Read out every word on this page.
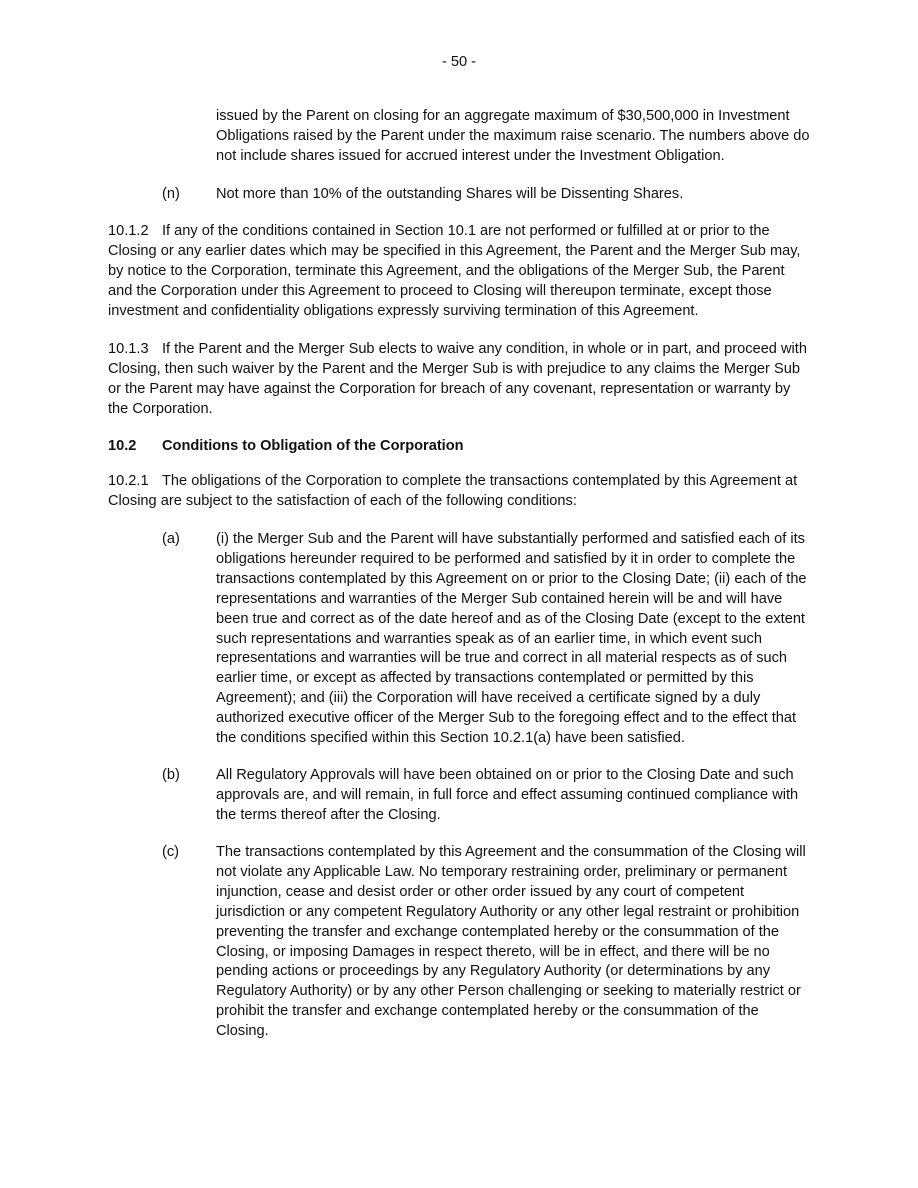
- 50 -

issued by the Parent on closing for an aggregate maximum of $30,500,000 in Investment Obligations raised by the Parent under the maximum raise scenario. The numbers above do not include shares issued for accrued interest under the Investment Obligation.

(n) Not more than 10% of the outstanding Shares will be Dissenting Shares.

10.1.2 If any of the conditions contained in Section 10.1 are not performed or fulfilled at or prior to the Closing or any earlier dates which may be specified in this Agreement, the Parent and the Merger Sub may, by notice to the Corporation, terminate this Agreement, and the obligations of the Merger Sub, the Parent and the Corporation under this Agreement to proceed to Closing will thereupon terminate, except those investment and confidentiality obligations expressly surviving termination of this Agreement.

10.1.3 If the Parent and the Merger Sub elects to waive any condition, in whole or in part, and proceed with Closing, then such waiver by the Parent and the Merger Sub is with prejudice to any claims the Merger Sub or the Parent may have against the Corporation for breach of any covenant, representation or warranty by the Corporation.

10.2 Conditions to Obligation of the Corporation

10.2.1 The obligations of the Corporation to complete the transactions contemplated by this Agreement at Closing are subject to the satisfaction of each of the following conditions:

(a) (i) the Merger Sub and the Parent will have substantially performed and satisfied each of its obligations hereunder required to be performed and satisfied by it in order to complete the transactions contemplated by this Agreement on or prior to the Closing Date; (ii) each of the representations and warranties of the Merger Sub contained herein will be and will have been true and correct as of the date hereof and as of the Closing Date (except to the extent such representations and warranties speak as of an earlier time, in which event such representations and warranties will be true and correct in all material respects as of such earlier time, or except as affected by transactions contemplated or permitted by this Agreement); and (iii) the Corporation will have received a certificate signed by a duly authorized executive officer of the Merger Sub to the foregoing effect and to the effect that the conditions specified within this Section 10.2.1(a) have been satisfied.
(b) All Regulatory Approvals will have been obtained on or prior to the Closing Date and such approvals are, and will remain, in full force and effect assuming continued compliance with the terms thereof after the Closing.
(c)	The transactions contemplated by this Agreement and the consummation of the Closing will not violate any Applicable Law. No temporary restraining order, preliminary or permanent injunction, cease and desist order or other order issued by any court of competent jurisdiction or any competent Regulatory Authority or any other legal restraint or prohibition preventing the transfer and exchange contemplated hereby or the consummation of the Closing, or imposing Damages in respect thereto, will be in effect, and there will be no pending actions or proceedings by any Regulatory Authority (or determinations by any Regulatory Authority) or by any other Person challenging or seeking to materially restrict or prohibit the transfer and exchange contemplated hereby or the consummation of the Closing.
